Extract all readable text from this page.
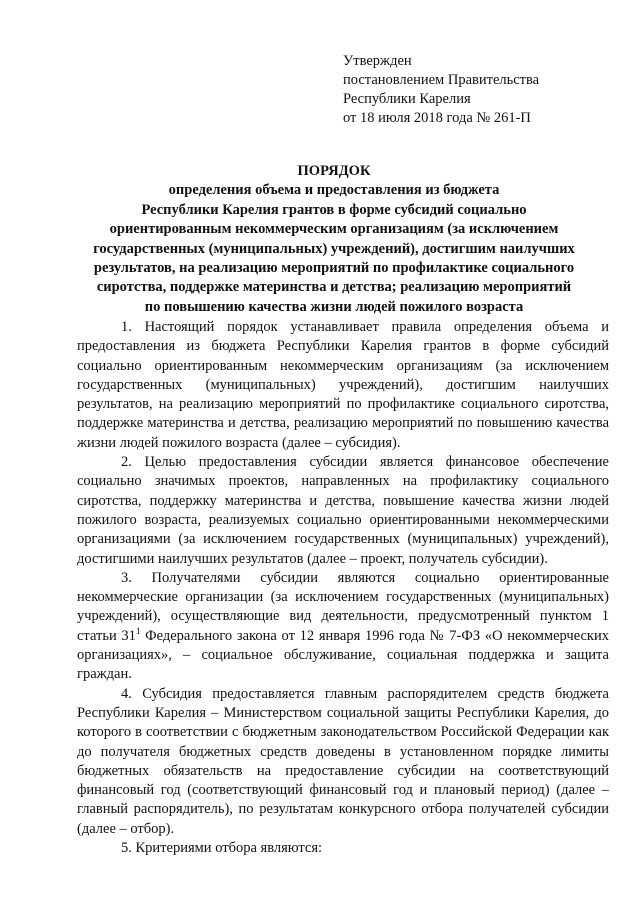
Утвержден
постановлением Правительства
Республики Карелия
от 18 июля 2018 года № 261-П
ПОРЯДОК
определения объема и предоставления из бюджета
Республики Карелия грантов в форме субсидий социально
ориентированным некоммерческим организациям (за исключением
государственных (муниципальных) учреждений), достигшим наилучших
результатов, на реализацию мероприятий по профилактике социального
сиротства, поддержке материнства и детства; реализацию мероприятий
по повышению качества жизни людей пожилого возраста

1. Настоящий порядок устанавливает правила определения объема и предоставления из бюджета Республики Карелия грантов в форме субсидий социально ориентированным некоммерческим организациям (за исключением государственных (муниципальных) учреждений), достигшим наилучших результатов, на реализацию мероприятий по профилактике социального сиротства, поддержке материнства и детства, реализацию мероприятий по повышению качества жизни людей пожилого возраста (далее – субсидия).

2. Целью предоставления субсидии является финансовое обеспечение социально значимых проектов, направленных на профилактику социального сиротства, поддержку материнства и детства, повышение качества жизни людей пожилого возраста, реализуемых социально ориентированными некоммерческими организациями (за исключением государственных (муниципальных) учреждений), достигшими наилучших результатов (далее – проект, получатель субсидии).

3. Получателями субсидии являются социально ориентированные некоммерческие организации (за исключением государственных (муниципальных) учреждений), осуществляющие вид деятельности, предусмотренный пунктом 1 статьи $31^1$ Федерального закона от 12 января 1996 года № 7-ФЗ «О некоммерческих организациях», – социальное обслуживание, социальная поддержка и защита граждан.

4. Субсидия предоставляется главным распорядителем средств бюджета Республики Карелия – Министерством социальной защиты Республики Карелия, до которого в соответствии с бюджетным законодательством Российской Федерации как до получателя бюджетных средств доведены в установленном порядке лимиты бюджетных обязательств на предоставление субсидии на соответствующий финансовый год (соответствующий финансовый год и плановый период) (далее – главный распорядитель), по результатам конкурсного отбора получателей субсидии (далее – отбор).

5. Критериями отбора являются:
